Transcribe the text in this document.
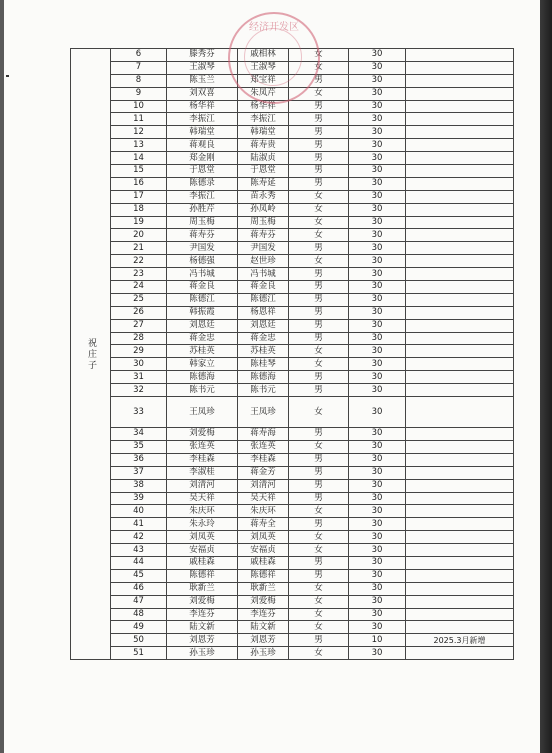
祝庄子	6	滕秀芬	戚相林	女	30	
	7	王淑琴	王淑琴	女	30	
	8	陈玉兰	郑宝祥	男	30	
	9	刘双喜	朱凤芹	女	30	
	10	杨华祥	杨华祥	男	30	
	11	李振江	李振江	男	30	
	12	韩瑞堂	韩瑞堂	男	30	
	13	蒋观良	蒋寿贵	男	30	
	14	郑金刚	陆淑贞	男	30	
	15	于恩堂	于恩堂	男	30	
	16	陈德录	陈寿延	男	30	
	17	李振江	苗永秀	女	30	
	18	孙胜芹	孙凤岭	女	30	
	19	周玉梅	周玉梅	女	30	
	20	蒋寿芬	蒋寿芬	女	30	
	21	尹国发	尹国发	男	30	
	22	杨德强	赵世珍	女	30	
	23	冯书城	冯书城	男	30	
	24	蒋金良	蒋金良	男	30	
	25	陈德江	陈德江	男	30	
	26	韩振霞	杨恩祥	男	30	
	27	刘恩廷	刘恩廷	男	30	
	28	蒋金忠	蒋金忠	男	30	
	29	苏桂英	苏桂英	女	30	
	30	韩家立	陈桂琴	女	30	
	31	陈德海	陈德海	男	30	
	32	陈书元	陈书元	男	30	
	33	王凤珍	王凤珍	女	30	
	34	刘爱梅	蒋寿海	男	30	
	35	张连英	张连英	女	30	
	36	李桂森	李桂森	男	30	
	37	李淑桂	蒋金芳	男	30	
	38	刘清河	刘清河	男	30	
	39	吴天祥	吴天祥	男	30	
	40	朱庆环	朱庆环	女	30	
	41	朱永玲	蒋寿全	男	30	
	42	刘凤英	刘凤英	女	30	
	43	安福贞	安福贞	女	30	
	44	戚桂森	戚桂森	男	30	
	45	陈德祥	陈德祥	男	30	
	46	耿新兰	耿新兰	女	30	
	47	刘爱梅	刘爱梅	女	30	
	48	李连芬	李连芬	女	30	
	49	陆文新	陆文新	女	30	
	50	刘恩芳	刘恩芳	男	10	2025.3月新增
	51	孙玉珍	孙玉珍	女	30	
经济开发区
